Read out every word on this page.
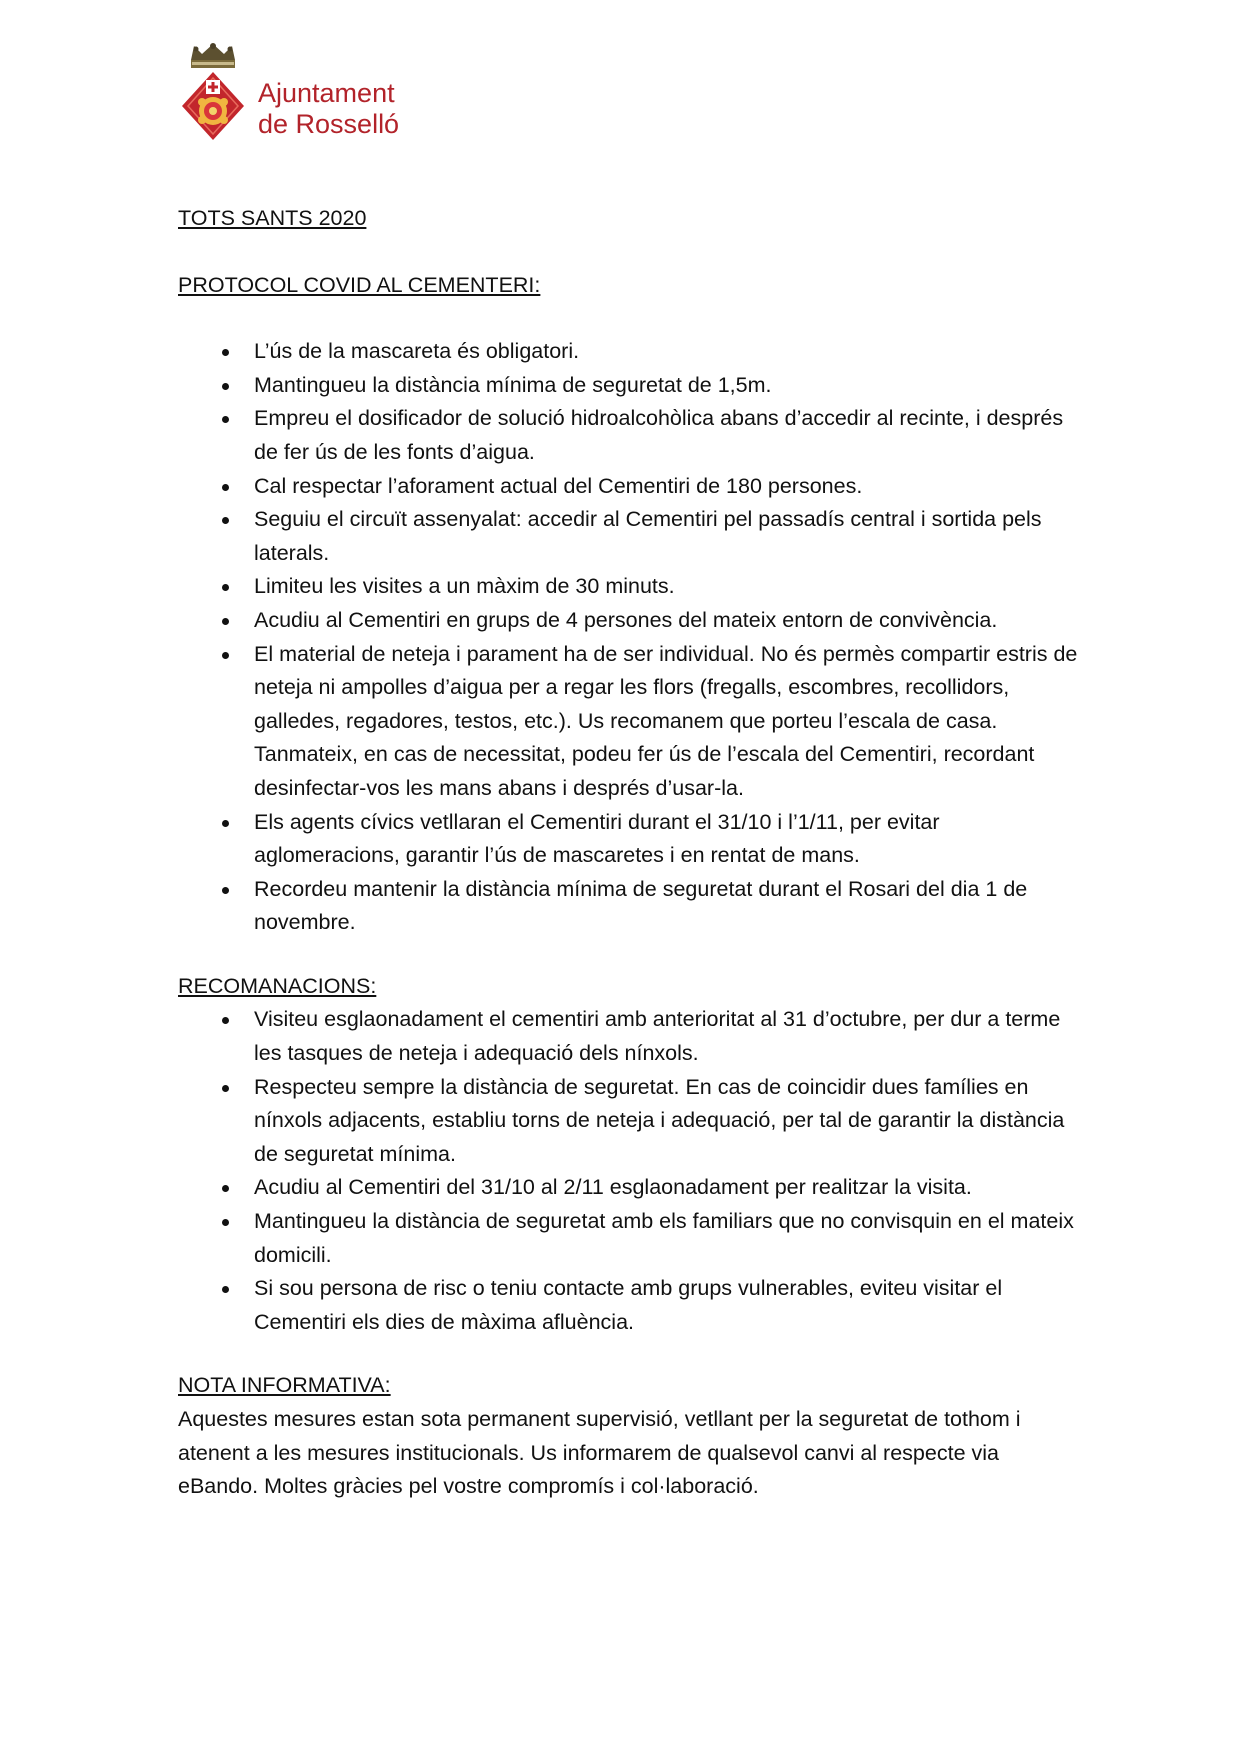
Ajuntament
de Rosselló

TOTS SANTS 2020

PROTOCOL COVID AL CEMENTERI:

L’ús de la mascareta és obligatori.
Mantingueu la distància mínima de seguretat de 1,5m.
Empreu el dosificador de solució hidroalcohòlica abans d’accedir al recinte, i després de fer ús de les fonts d’aigua.
Cal respectar l’aforament actual del Cementiri de 180 persones.
Seguiu el circuït assenyalat: accedir al Cementiri pel passadís central i sortida pels laterals.
Limiteu les visites a un màxim de 30 minuts.
Acudiu al Cementiri en grups de 4 persones del mateix entorn de convivència.
El material de neteja i parament ha de ser individual. No és permès compartir estris de neteja ni ampolles d’aigua per a regar les flors (fregalls, escombres, recollidors, galledes, regadores, testos, etc.). Us recomanem que porteu l’escala de casa. Tanmateix, en cas de necessitat, podeu fer ús de l’escala del Cementiri, recordant desinfectar-vos les mans abans i després d’usar-la.
Els agents cívics vetllaran el Cementiri durant el 31/10 i l’1/11, per evitar aglomeracions, garantir l’ús de mascaretes i en rentat de mans.
Recordeu mantenir la distància mínima de seguretat durant el Rosari del dia 1 de novembre.

RECOMANACIONS:

Visiteu esglaonadament el cementiri amb anterioritat al 31 d’octubre, per dur a terme les tasques de neteja i adequació dels nínxols.
Respecteu sempre la distància de seguretat. En cas de coincidir dues famílies en nínxols adjacents, establiu torns de neteja i adequació, per tal de garantir la distància de seguretat mínima.
Acudiu al Cementiri del 31/10 al 2/11 esglaonadament per realitzar la visita.
Mantingueu la distància de seguretat amb els familiars que no convisquin en el mateix domicili.
Si sou persona de risc o teniu contacte amb grups vulnerables, eviteu visitar el Cementiri els dies de màxima afluència.

NOTA INFORMATIVA:

Aquestes mesures estan sota permanent supervisió, vetllant per la seguretat de tothom i atenent a les mesures institucionals. Us informarem de qualsevol canvi al respecte via eBando. Moltes gràcies pel vostre compromís i col·laboració.
